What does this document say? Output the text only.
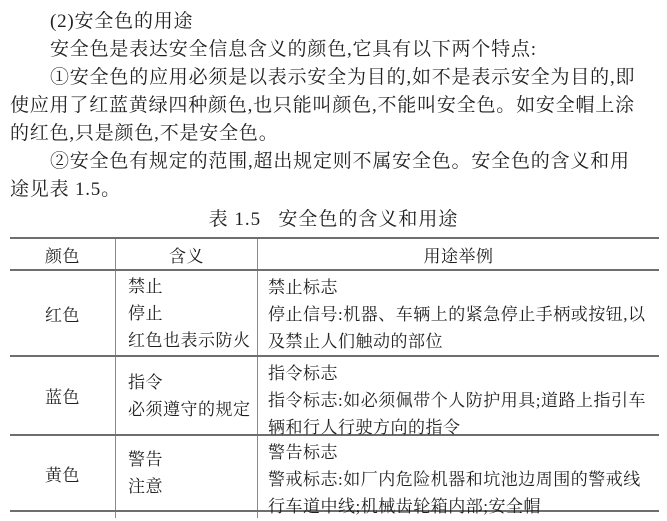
(2)安全色的用途
安全色是表达安全信息含义的颜色,它具有以下两个特点:
①安全色的应用必须是以表示安全为目的,如不是表示安全为目的,即
使应用了红蓝黄绿四种颜色,也只能叫颜色,不能叫安全色。如安全帽上涂
的红色,只是颜色,不是安全色。
②安全色有规定的范围,超出规定则不属安全色。安全色的含义和用
途见表 1.5。
表 1.5   安全色的含义和用途
颜色	含义	用途举例
红色
禁止
停止
红色也表示防火
禁止标志
停止信号:机器、车辆上的紧急停止手柄或按钮,以
及禁止人们触动的部位
蓝色
指令
必须遵守的规定
指令标志
指令标志:如必须佩带个人防护用具;道路上指引车
辆和行人行驶方向的指令
黄色
警告
注意
警告标志
警戒标志:如厂内危险机器和坑池边周围的警戒线
行车道中线;机械齿轮箱内部;安全帽
